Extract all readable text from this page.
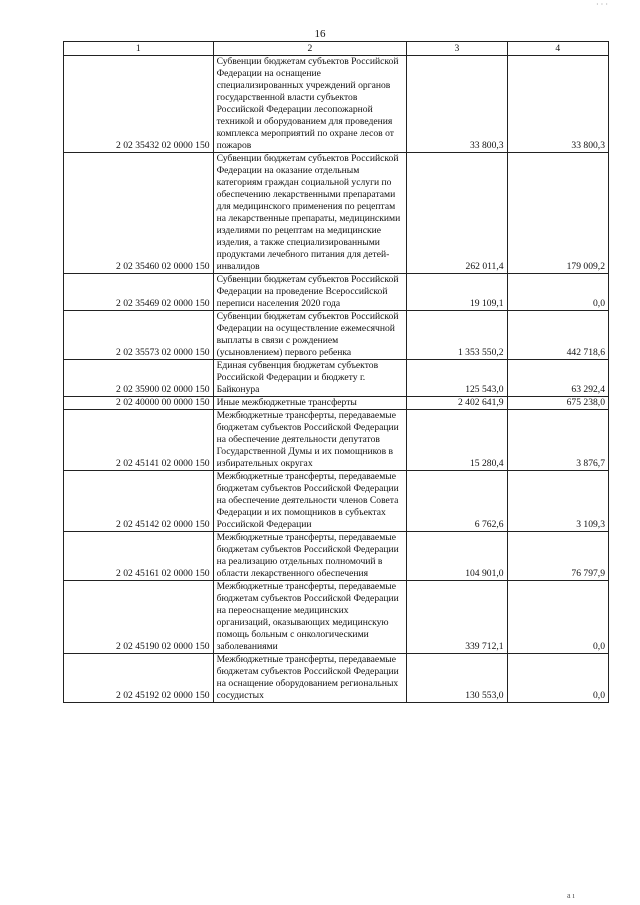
· · ·
16
1	2	3	4
2 02 35432 02 0000 150	Субвенции бюджетам субъектов Российской Федерации на оснащение специализированных учреждений органов государственной власти субъектов Российской Федерации лесопожарной техникой и оборудованием для проведения комплекса мероприятий по охране лесов от пожаров	33 800,3	33 800,3
2 02 35460 02 0000 150	Субвенции бюджетам субъектов Российской Федерации на оказание отдельным категориям граждан социальной услуги по обеспечению лекарственными препаратами для медицинского применения по рецептам на лекарственные препараты, медицинскими изделиями по рецептам на медицинские изделия, а также специализированными продуктами лечебного питания для детей-инвалидов	262 011,4	179 009,2
2 02 35469 02 0000 150	Субвенции бюджетам субъектов Российской Федерации на проведение Всероссийской переписи населения 2020 года	19 109,1	0,0
2 02 35573 02 0000 150	Субвенции бюджетам субъектов Российской Федерации на осуществление ежемесячной выплаты в связи с рождением (усыновлением) первого ребенка	1 353 550,2	442 718,6
2 02 35900 02 0000 150	Единая субвенция бюджетам субъектов Российской Федерации и бюджету г. Байконура	125 543,0	63 292,4
2 02 40000 00 0000 150	Иные межбюджетные трансферты	2 402 641,9	675 238,0
2 02 45141 02 0000 150	Межбюджетные трансферты, передаваемые бюджетам субъектов Российской Федерации на обеспечение деятельности депутатов Государственной Думы и их помощников в избирательных округах	15 280,4	3 876,7
2 02 45142 02 0000 150	Межбюджетные трансферты, передаваемые бюджетам субъектов Российской Федерации на обеспечение деятельности членов Совета Федерации и их помощников в субъектах Российской Федерации	6 762,6	3 109,3
2 02 45161 02 0000 150	Межбюджетные трансферты, передаваемые бюджетам субъектов Российской Федерации на реализацию отдельных полномочий в области лекарственного обеспечения	104 901,0	76 797,9
2 02 45190 02 0000 150	Межбюджетные трансферты, передаваемые бюджетам субъектов Российской Федерации на переоснащение медицинских организаций, оказывающих медицинскую помощь больным с онкологическими заболеваниями	339 712,1	0,0
2 02 45192 02 0000 150	Межбюджетные трансферты, передаваемые бюджетам субъектов Российской Федерации на оснащение оборудованием региональных сосудистых	130 553,0	0,0
a ı
